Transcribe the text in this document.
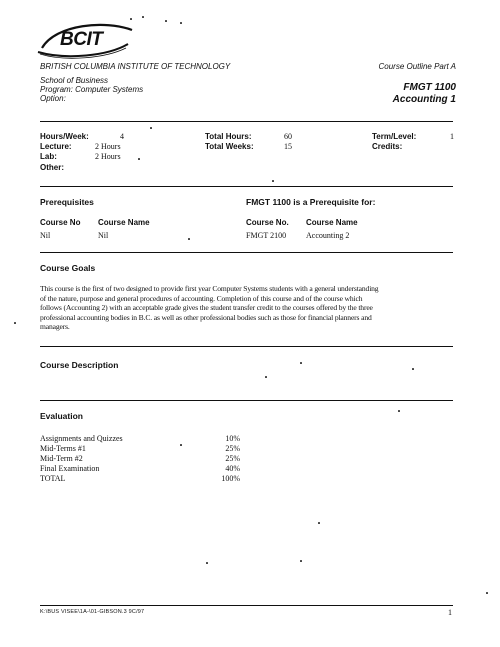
BCIT
BRITISH COLUMBIA INSTITUTE OF TECHNOLOGY
School of Business
Program: Computer Systems
Option:
Course Outline Part A
FMGT 1100
Accounting 1
Hours/Week:	4
Lecture:	2 Hours
Lab:	2 Hours
Other:
Total Hours:	60
Total Weeks:	15
Term/Level:	1
Credits:
Prerequisites
Course No Course Name
Nil	Nil
FMGT 1100 is a Prerequisite for:
Course No. Course Name
FMGT 2100 Accounting 2
Course Goals
This course is the first of two designed to provide first year Computer Systems students with a general understanding
of the nature, purpose and general procedures of accounting. Completion of this course and of the course which
follows (Accounting 2) with an acceptable grade gives the student transfer credit to the courses offered by the three
professional accounting bodies in B.C. as well as other professional bodies such as those for financial planners and
managers.
Course Description
Evaluation
Assignments and Quizzes	10%
Mid-Terms #1	25%
Mid-Term #2	25%
Final Examination	40%
TOTAL	100%
K:\BUS VISEE\1A-\01-GIBSON.3 9C/97	1
